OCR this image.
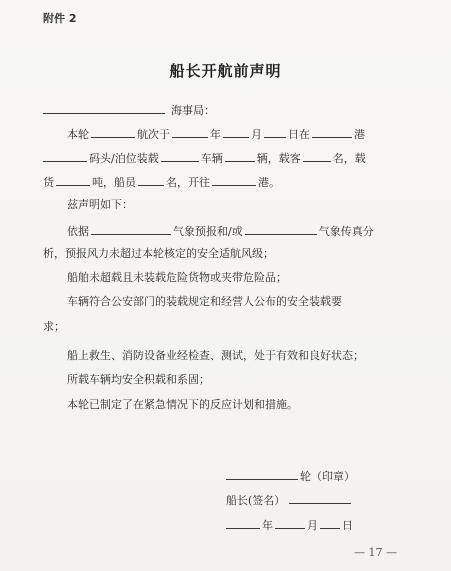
附件 2
船长开航前声明
海事局：
本轮	航次于	年	月 日在	港
码头/泊位装载	车辆	辆，载客	名，载
货	吨，船员	名，开往	港。
兹声明如下：
依据	气象预报和/或	气象传真分
析，预报风力未超过本轮核定的安全适航风级；
船舶未超载且未装载危险货物或夹带危险品；
车辆符合公安部门的装载规定和经营人公布的安全装载要
求；
船上救生、消防设备业经检查、测试，处于有效和良好状态；
所载车辆均安全积载和系固；
本轮已制定了在紧急情况下的反应计划和措施。
轮（印章）
船长(签名）
年	月 日
— 17 —
